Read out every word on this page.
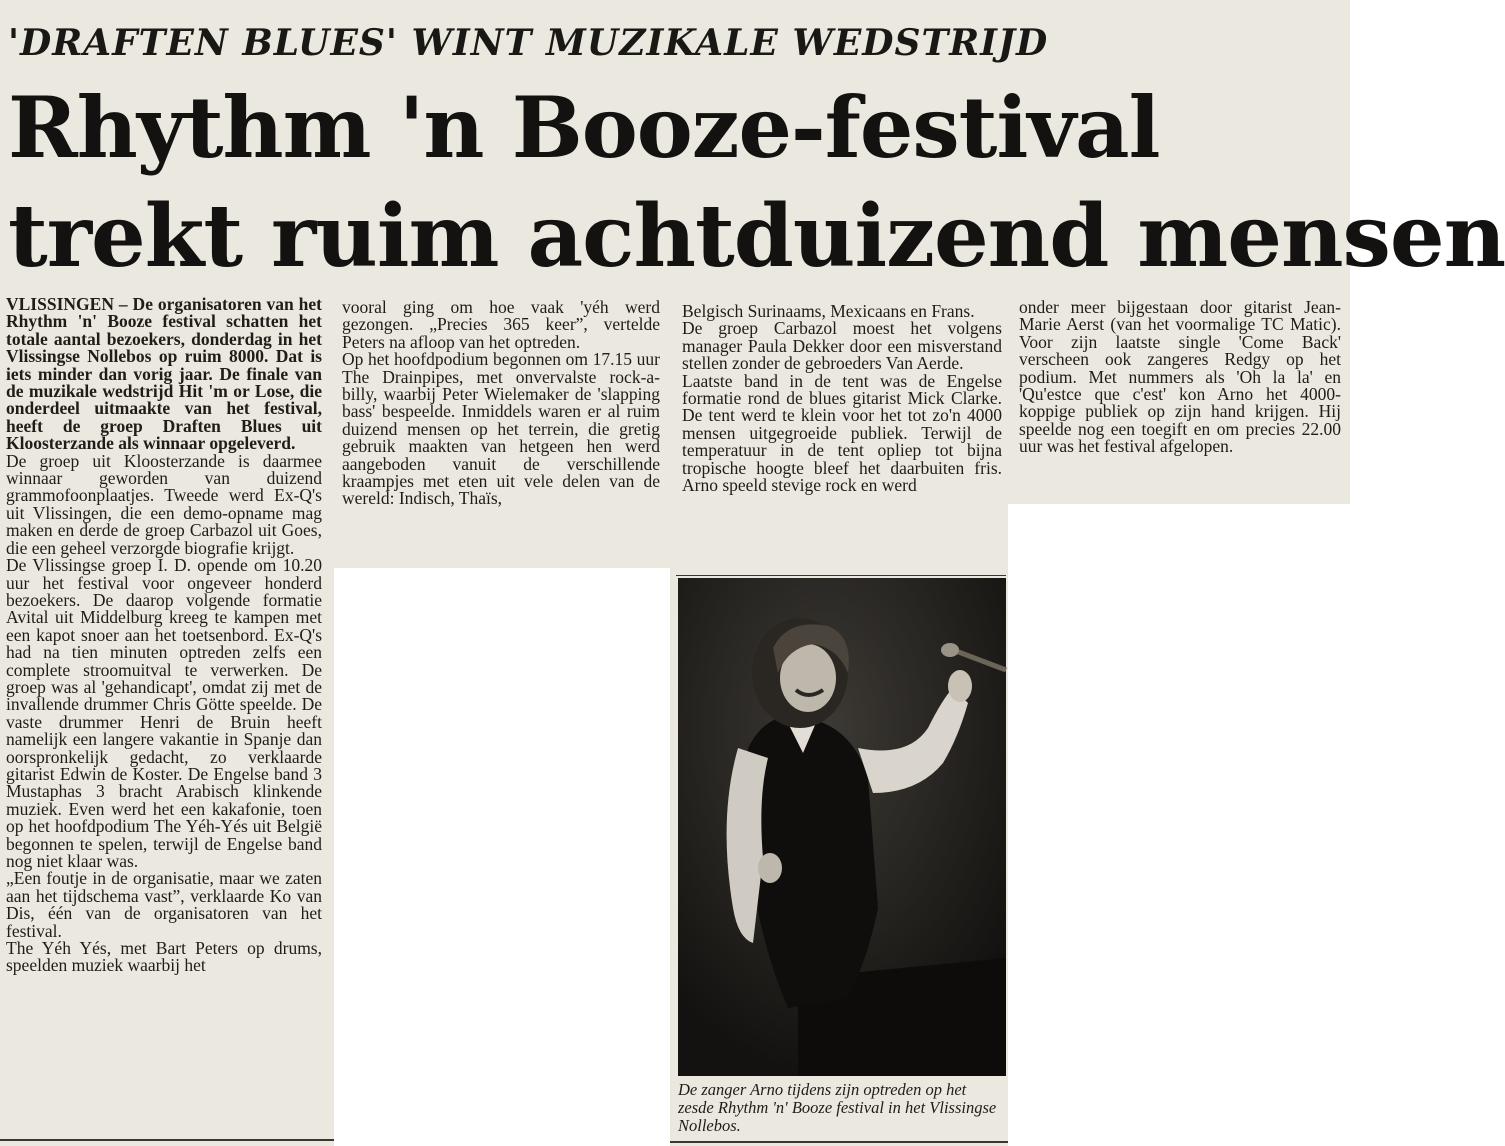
'DRAFTEN BLUES' WINT MUZIKALE WEDSTRIJD
Rhythm 'n Booze-festival
trekt ruim achtduizend mensen

VLISSINGEN – De organisatoren van het Rhythm 'n' Booze festival schatten het totale aantal bezoekers, donderdag in het Vlissingse Nollebos op ruim 8000. Dat is iets minder dan vorig jaar. De finale van de muzikale wedstrijd Hit 'm or Lose, die onderdeel uitmaakte van het festival, heeft de groep Draften Blues uit Kloosterzande als winnaar opgeleverd.

De groep uit Kloosterzande is daarmee winnaar geworden van duizend grammofoonplaatjes. Tweede werd Ex-Q's uit Vlissingen, die een demo-opname mag maken en derde de groep Carbazol uit Goes, die een geheel verzorgde biografie krijgt.

De Vlissingse groep I. D. opende om 10.20 uur het festival voor ongeveer honderd bezoekers. De daarop volgende formatie Avital uit Middelburg kreeg te kampen met een kapot snoer aan het toetsenbord. Ex-Q's had na tien minuten optreden zelfs een complete stroomuitval te verwerken. De groep was al 'gehandicapt', omdat zij met de invallende drummer Chris Götte speelde. De vaste drummer Henri de Bruin heeft namelijk een langere vakantie in Spanje dan oorspronkelijk gedacht, zo verklaarde gitarist Edwin de Koster. De Engelse band 3 Mustaphas 3 bracht Arabisch klinkende muziek. Even werd het een kakafonie, toen op het hoofdpodium The Yéh-Yés uit België begonnen te spelen, terwijl de Engelse band nog niet klaar was.

„Een foutje in de organisatie, maar we zaten aan het tijdschema vast”, verklaarde Ko van Dis, één van de organisatoren van het festival.

The Yéh Yés, met Bart Peters op drums, speelden muziek waarbij het

vooral ging om hoe vaak 'yéh werd gezongen. „Precies 365 keer”, vertelde Peters na afloop van het optreden.

Op het hoofdpodium begonnen om 17.15 uur The Drainpipes, met onvervalste rock-a-billy, waarbij Peter Wielemaker de 'slapping bass' bespeelde. Inmiddels waren er al ruim duizend mensen op het terrein, die gretig gebruik maakten van hetgeen hen werd aangeboden vanuit de verschillende kraampjes met eten uit vele delen van de wereld: Indisch, Thaïs,

Belgisch Surinaams, Mexicaans en Frans.

De groep Carbazol moest het volgens manager Paula Dekker door een misverstand stellen zonder de gebroeders Van Aerde.

Laatste band in de tent was de Engelse formatie rond de blues gitarist Mick Clarke. De tent werd te klein voor het tot zo'n 4000 mensen uitgegroeide publiek. Terwijl de temperatuur in de tent opliep tot bijna tropische hoogte bleef het daarbuiten fris. Arno speeld stevige rock en werd

onder meer bijgestaan door gitarist Jean-Marie Aerst (van het voormalige TC Matic). Voor zijn laatste single 'Come Back' verscheen ook zangeres Redgy op het podium. Met nummers als 'Oh la la' en 'Qu'estce que c'est' kon Arno het 4000-koppige publiek op zijn hand krijgen. Hij speelde nog een toegift en om precies 22.00 uur was het festival afgelopen.

De zanger Arno tijdens zijn optreden op het zesde Rhythm 'n' Booze festival in het Vlissingse Nollebos.
